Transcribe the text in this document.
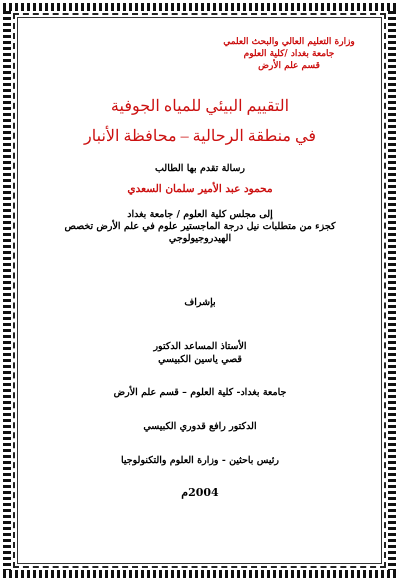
وزارة التعليم العالي والبحث العلمي
جامعة بغداد /كلية العلوم
قسم علم الأرض
التقييم البيئي للمياه الجوفية
في منطقة الرحالية – محافظة الأنبار
رسالة تقدم بها الطالب
محمود عبد الأمير سلمان السعدي
إلى مجلس كلية العلوم / جامعة بغداد
كجزء من متطلبات نيل درجة الماجستير علوم في علم الأرض تخصص
الهيدروجيولوجي
بإشراف
الأستاذ المساعد الدكتور
قصي ياسين الكبيسي
جامعة بغداد- كلية العلوم – قسم علم الأرض
الدكتور رافع قدوري الكبيسي
رئيس باحثين - وزارة العلوم والتكنولوجيا
2004م
